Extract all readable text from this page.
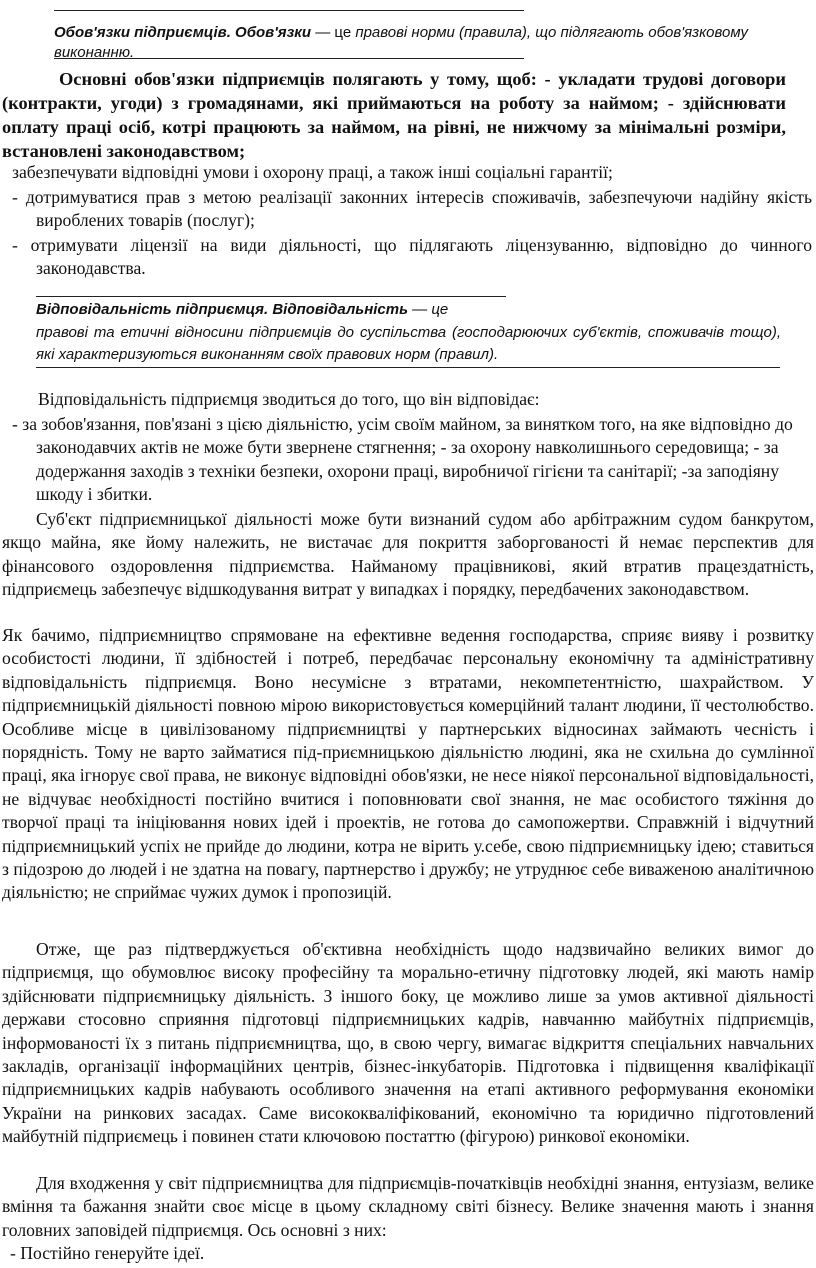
Обов'язки підприємців. Обов'язки — це правові норми (правила), що підлягають обов'язковому виконанню.
Основні обов'язки підприємців полягають у тому, щоб: - укладати трудові договори (контракти, угоди) з громадянами, які приймаються на роботу за наймом; - здійснювати оплату праці осіб, котрі працюють за наймом, на рівні, не нижчому за мінімальні розміри, встановлені законодавством;
забезпечувати відповідні умови і охорону праці, а також інші соціальні гарантії;
- дотримуватися прав з метою реалізації законних інтересів споживачів, забезпечуючи надійну якість вироблених товарів (послуг);
- отримувати ліцензії на види діяльності, що підлягають ліцензуванню, відповідно до чинного законодавства.
Відповідальність підприємця. Відповідальність — це
правові та етичні відносини підприємців до суспільства (господарюючих суб'єктів, споживачів тощо), які характеризуються виконанням своїх правових норм (правил).
Відповідальність підприємця зводиться до того, що він відповідає:
- за зобов'язання, пов'язані з цією діяльністю, усім своїм майном, за винятком того, на яке відповідно до законодавчих актів не може бути звернене стягнення; - за охорону навколишнього середовища; - за додержання заходів з техніки безпеки, охорони праці, виробничої гігієни та санітарії; -за заподіяну шкоду і збитки.
Суб'єкт підприємницької діяльності може бути визнаний судом або арбітражним судом банкрутом, якщо майна, яке йому належить, не вистачає для покриття заборгованості й немає перспектив для фінансового оздоровлення підприємства. Найманому працівникові, який втратив працездатність, підприємець забезпечує відшкодування витрат у випадках і порядку, передбачених законодавством.
Як бачимо, підприємництво спрямоване на ефективне ведення господарства, сприяє вияву і розвитку особистості людини, її здібностей і потреб, передбачає персональну економічну та адміністративну відповідальність підприємця. Воно несумісне з втратами, некомпетентністю, шахрайством. У підприємницькій діяльності повною мірою використовується комерційний талант людини, її честолюбство. Особливе місце в цивілізованому підприємництві у партнерських відносинах займають чесність і порядність. Тому не варто займатися під-приємницькою діяльністю людині, яка не схильна до сумлінної праці, яка ігнорує свої права, не виконує відповідні обов'язки, не несе ніякої персональної відповідальності, не відчуває необхідності постійно вчитися і поповнювати свої знання, не має особистого тяжіння до творчої праці та ініціювання нових ідей і проектів, не готова до самопожертви. Справжній і відчутний підприємницький успіх не прийде до людини, котра не вірить у.себе, свою підприємницьку ідею; ставиться з підозрою до людей і не здатна на повагу, партнерство і дружбу; не утруднює себе виваженою аналітичною діяльністю; не сприймає чужих думок і пропозицій.
Отже, ще раз підтверджується об'єктивна необхідність щодо надзвичайно великих вимог до підприємця, що обумовлює високу професійну та морально-етичну підготовку людей, які мають намір здійснювати підприємницьку діяльність. З іншого боку, це можливо лише за умов активної діяльності держави стосовно сприяння підготовці підприємницьких кадрів, навчанню майбутніх підприємців, інформованості їх з питань підприємництва, що, в свою чергу, вимагає відкриття спеціальних навчальних закладів, організації інформаційних центрів, бізнес-інкубаторів. Підготовка і підвищення кваліфікації підприємницьких кадрів набувають особливого значення на етапі активного реформування економіки України на ринкових засадах. Саме висококваліфікований, економічно та юридично підготовлений майбутній підприємець і повинен стати ключовою постаттю (фігурою) ринкової економіки.
Для входження у світ підприємництва для підприємців-початківців необхідні знання, ентузіазм, велике вміння та бажання знайти своє місце в цьому складному світі бізнесу. Велике значення мають і знання головних заповідей підприємця. Ось основні з них:
- Постійно генеруйте ідеї.
